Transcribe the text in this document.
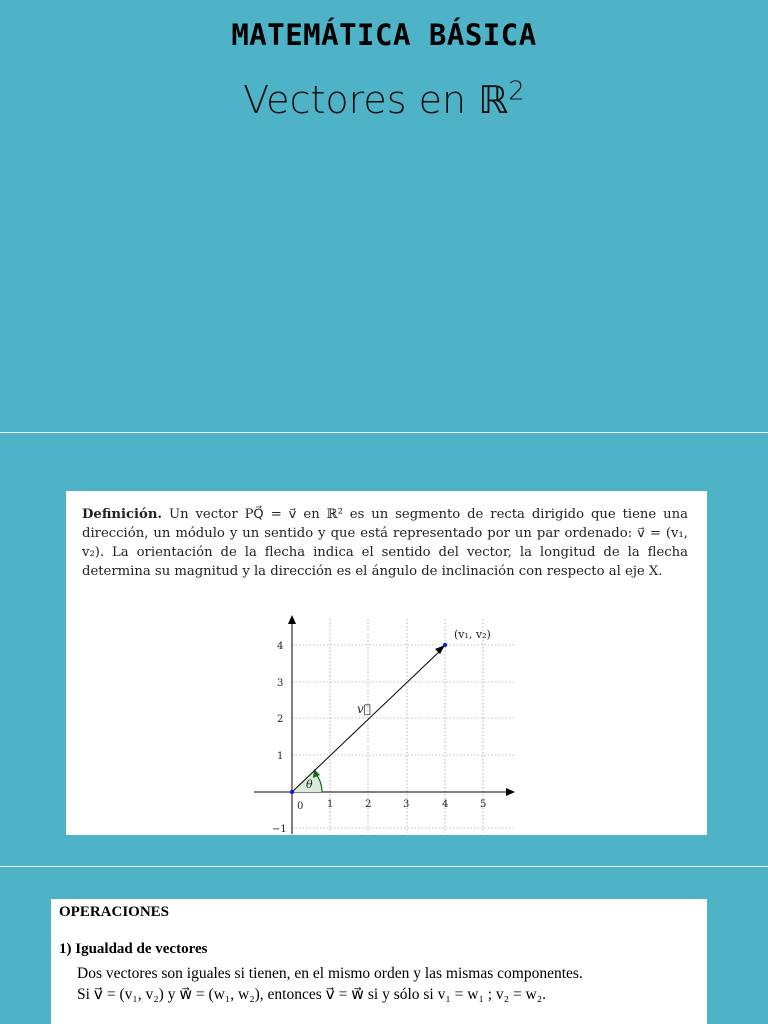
MATEMÁTICA BÁSICA
Vectores en ℝ$^2$
Definición. Un vector PQ⃗ = v⃗ en ℝ² es un segmento de recta dirigido que tiene una dirección, un módulo y un sentido y que está representado por un par ordenado: v⃗ = (v₁, v₂). La orientación de la flecha indica el sentido del vector, la longitud de la flecha determina su magnitud y la dirección es el ángulo de inclinación con respecto al eje X.
0 1	2	3	4	5
−1
1
2
3
4
θ
v⃗
(v₁, v₂)
OPERACIONES
1) Igualdad de vectores
Dos vectores son iguales si tienen, en el mismo orden y las mismas componentes.
Si v⃗ = (v₁, v₂) y w⃗ = (w₁, w₂), entonces v⃗ = w⃗ si y sólo si v₁ = w₁ ; v₂ = w₂.
